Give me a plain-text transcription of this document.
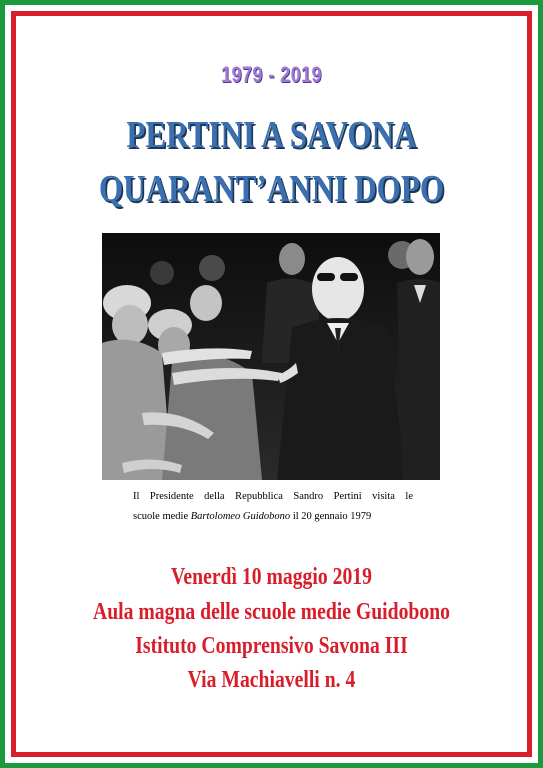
1979 - 2019
PERTINI A SAVONA
QUARANT’ANNI DOPO
Il Presidente della Repubblica Sandro Pertini visita le
scuole medie Bartolomeo Guidobono il 20 gennaio 1979
Venerdì 10 maggio 2019
Aula magna delle scuole medie Guidobono
Istituto Comprensivo Savona III
Via Machiavelli n. 4
